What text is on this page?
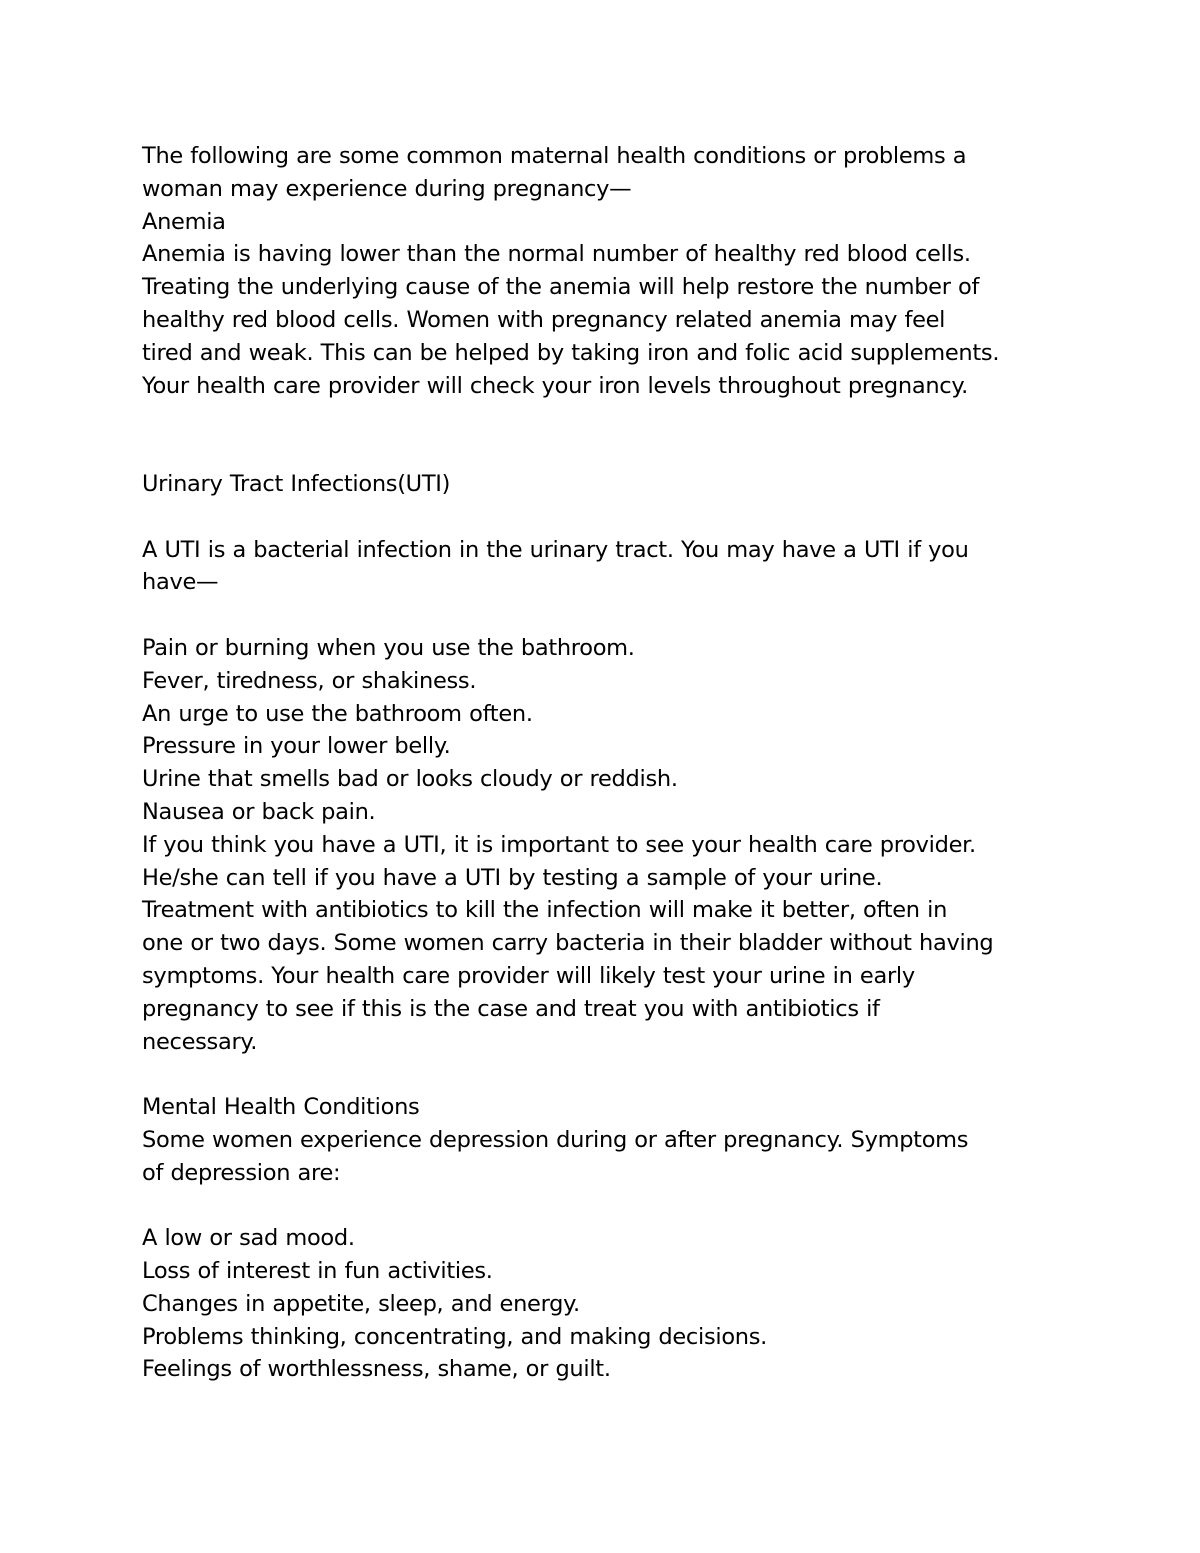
The following are some common maternal health conditions or problems a
woman may experience during pregnancy—
Anemia
Anemia is having lower than the normal number of healthy red blood cells.
Treating the underlying cause of the anemia will help restore the number of
healthy red blood cells. Women with pregnancy related anemia may feel
tired and weak. This can be helped by taking iron and folic acid supplements.
Your health care provider will check your iron levels throughout pregnancy.
Urinary Tract Infections(UTI)
A UTI is a bacterial infection in the urinary tract. You may have a UTI if you
have—
Pain or burning when you use the bathroom.
Fever, tiredness, or shakiness.
An urge to use the bathroom often.
Pressure in your lower belly.
Urine that smells bad or looks cloudy or reddish.
Nausea or back pain.
If you think you have a UTI, it is important to see your health care provider.
He/she can tell if you have a UTI by testing a sample of your urine.
Treatment with antibiotics to kill the infection will make it better, often in
one or two days. Some women carry bacteria in their bladder without having
symptoms. Your health care provider will likely test your urine in early
pregnancy to see if this is the case and treat you with antibiotics if
necessary.
Mental Health Conditions
Some women experience depression during or after pregnancy. Symptoms
of depression are:
A low or sad mood.
Loss of interest in fun activities.
Changes in appetite, sleep, and energy.
Problems thinking, concentrating, and making decisions.
Feelings of worthlessness, shame, or guilt.
